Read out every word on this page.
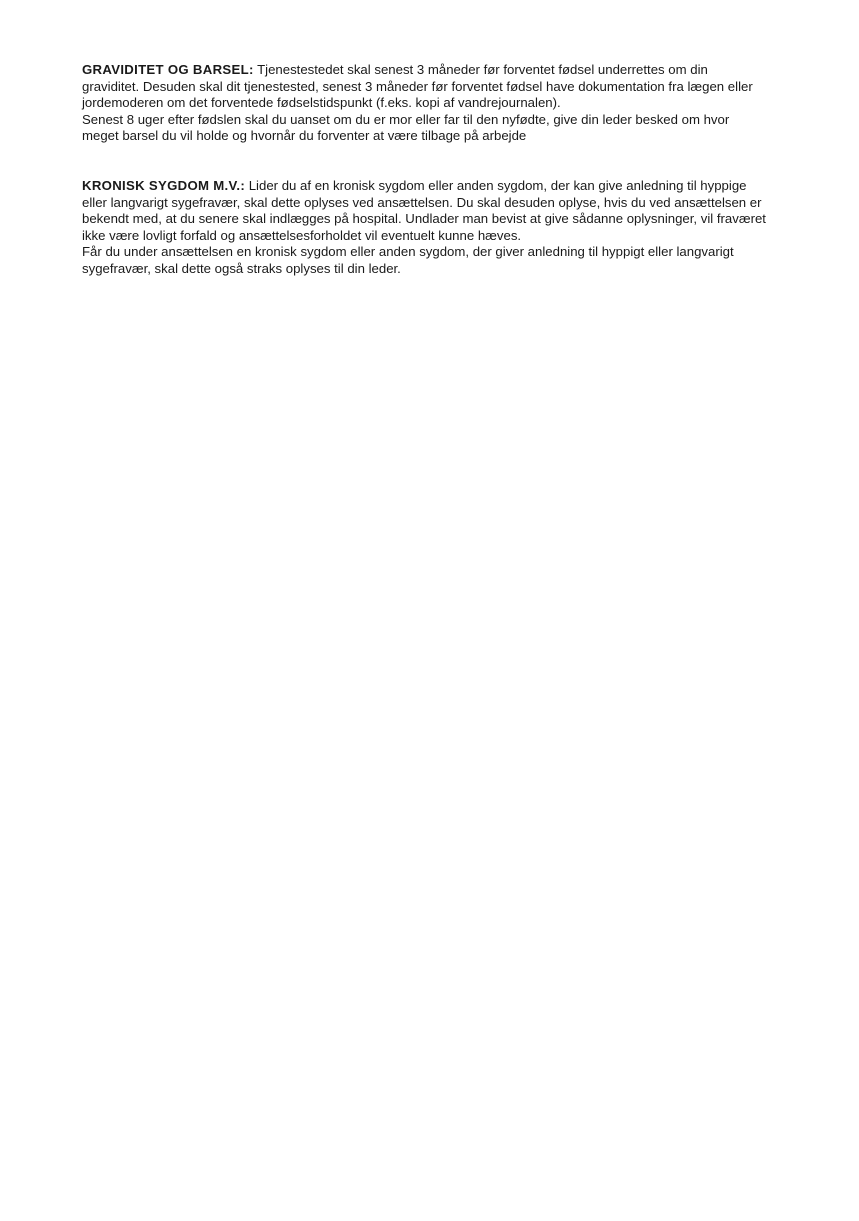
GRAVIDITET OG BARSEL: Tjenestestedet skal senest 3 måneder før forventet fødsel underrettes om din graviditet. Desuden skal dit tjenestested, senest 3 måneder før forventet fødsel have dokumentation fra lægen eller jordemoderen om det forventede fødselstidspunkt (f.eks. kopi af vandrejournalen).

Senest 8 uger efter fødslen skal du uanset om du er mor eller far til den nyfødte, give din leder besked om hvor meget barsel du vil holde og hvornår du forventer at være tilbage på arbejde

KRONISK SYGDOM M.V.: Lider du af en kronisk sygdom eller anden sygdom, der kan give anledning til hyppige eller langvarigt sygefravær, skal dette oplyses ved ansættelsen. Du skal desuden oplyse, hvis du ved ansættelsen er bekendt med, at du senere skal indlægges på hospital. Undlader man bevist at give sådanne oplysninger, vil fraværet ikke være lovligt forfald og ansættelsesforholdet vil eventuelt kunne hæves.

Får du under ansættelsen en kronisk sygdom eller anden sygdom, der giver anledning til hyppigt eller langvarigt sygefravær, skal dette også straks oplyses til din leder.
